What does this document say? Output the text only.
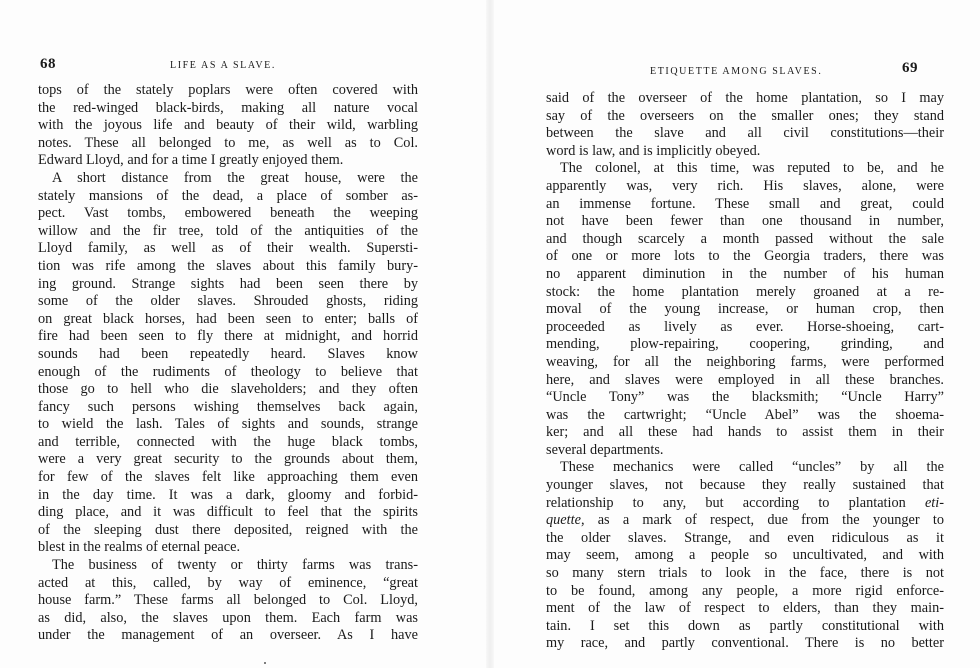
68	LIFE AS A SLAVE.
tops of the stately poplars were often covered with
the red-winged black-birds, making all nature vocal
with the joyous life and beauty of their wild, warbling
notes. These all belonged to me, as well as to Col.
Edward Lloyd, and for a time I greatly enjoyed them.
A short distance from the great house, were the
stately mansions of the dead, a place of somber as-
pect. Vast tombs, embowered beneath the weeping
willow and the fir tree, told of the antiquities of the
Lloyd family, as well as of their wealth. Supersti-
tion was rife among the slaves about this family bury-
ing ground. Strange sights had been seen there by
some of the older slaves. Shrouded ghosts, riding
on great black horses, had been seen to enter; balls of
fire had been seen to fly there at midnight, and horrid
sounds had been repeatedly heard. Slaves know
enough of the rudiments of theology to believe that
those go to hell who die slaveholders; and they often
fancy such persons wishing themselves back again,
to wield the lash. Tales of sights and sounds, strange
and terrible, connected with the huge black tombs,
were a very great security to the grounds about them,
for few of the slaves felt like approaching them even
in the day time. It was a dark, gloomy and forbid-
ding place, and it was difficult to feel that the spirits
of the sleeping dust there deposited, reigned with the
blest in the realms of eternal peace.
The business of twenty or thirty farms was trans-
acted at this, called, by way of eminence, “great
house farm.” These farms all belonged to Col. Lloyd,
as did, also, the slaves upon them. Each farm was
under the management of an overseer. As I have
ETIQUETTE AMONG SLAVES.	69
said of the overseer of the home plantation, so I may
say of the overseers on the smaller ones; they stand
between the slave and all civil constitutions—their
word is law, and is implicitly obeyed.
The colonel, at this time, was reputed to be, and he
apparently was, very rich. His slaves, alone, were
an immense fortune. These small and great, could
not have been fewer than one thousand in number,
and though scarcely a month passed without the sale
of one or more lots to the Georgia traders, there was
no apparent diminution in the number of his human
stock: the home plantation merely groaned at a re-
moval of the young increase, or human crop, then
proceeded as lively as ever. Horse-shoeing, cart-
mending, plow-repairing, coopering, grinding, and
weaving, for all the neighboring farms, were performed
here, and slaves were employed in all these branches.
“Uncle Tony” was the blacksmith; “Uncle Harry”
was the cartwright; “Uncle Abel” was the shoema-
ker; and all these had hands to assist them in their
several departments.
These mechanics were called “uncles” by all the
younger slaves, not because they really sustained that
relationship to any, but according to plantation eti-
quette, as a mark of respect, due from the younger to
the older slaves. Strange, and even ridiculous as it
may seem, among a people so uncultivated, and with
so many stern trials to look in the face, there is not
to be found, among any people, a more rigid enforce-
ment of the law of respect to elders, than they main-
tain. I set this down as partly constitutional with
my race, and partly conventional. There is no better
